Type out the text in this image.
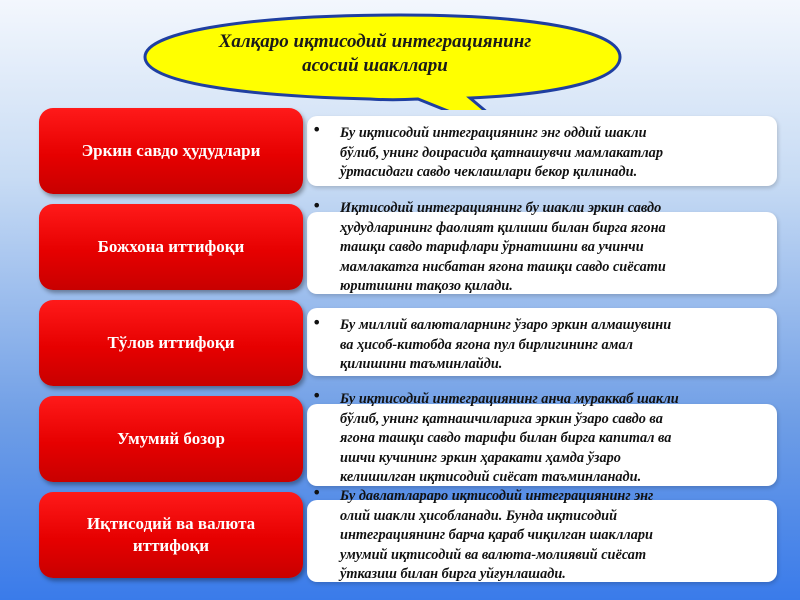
Халқаро иқтисодий интеграциянинг
асосий шакллари
Эркин савдо ҳудудлари
• Бу иқтисодий интеграциянинг энг оддий шакли
бўлиб, унинг доирасида қатнашувчи мамлакатлар
ўртасидаги савдо чеклашлари бекор қилинади.
Божхона иттифоқи
• Иқтисодий интеграциянинг бу шакли эркин савдо
ҳудудларининг фаолият қилиши билан бирга ягона
ташқи савдо тарифлари ўрнатишни ва учинчи
мамлакатга нисбатан ягона ташқи савдо сиёсати
юритишни тақозо қилади.
Тўлов иттифоқи
• Бу миллий валюталарнинг ўзаро эркин алмашувини
ва ҳисоб-китобда ягона пул бирлигининг амал
қилишини таъминлайди.
Умумий бозор
• Бу иқтисодий интеграциянинг анча мураккаб шакли
бўлиб, унинг қатнашчиларига эркин ўзаро савдо ва
ягона ташқи савдо тарифи билан бирга капитал ва
ишчи кучининг эркин ҳаракати ҳамда ўзаро
келишилган иқтисодий сиёсат таъминланади.
Иқтисодий ва валюта иттифоқи
• Бу давлатлараро иқтисодий интеграциянинг энг
олий шакли ҳисобланади. Бунда иқтисодий
интеграциянинг барча қараб чиқилган шакллари
умумий иқтисодий ва валюта-молиявий сиёсат
ўтказиш билан бирга уйғунлашади.
